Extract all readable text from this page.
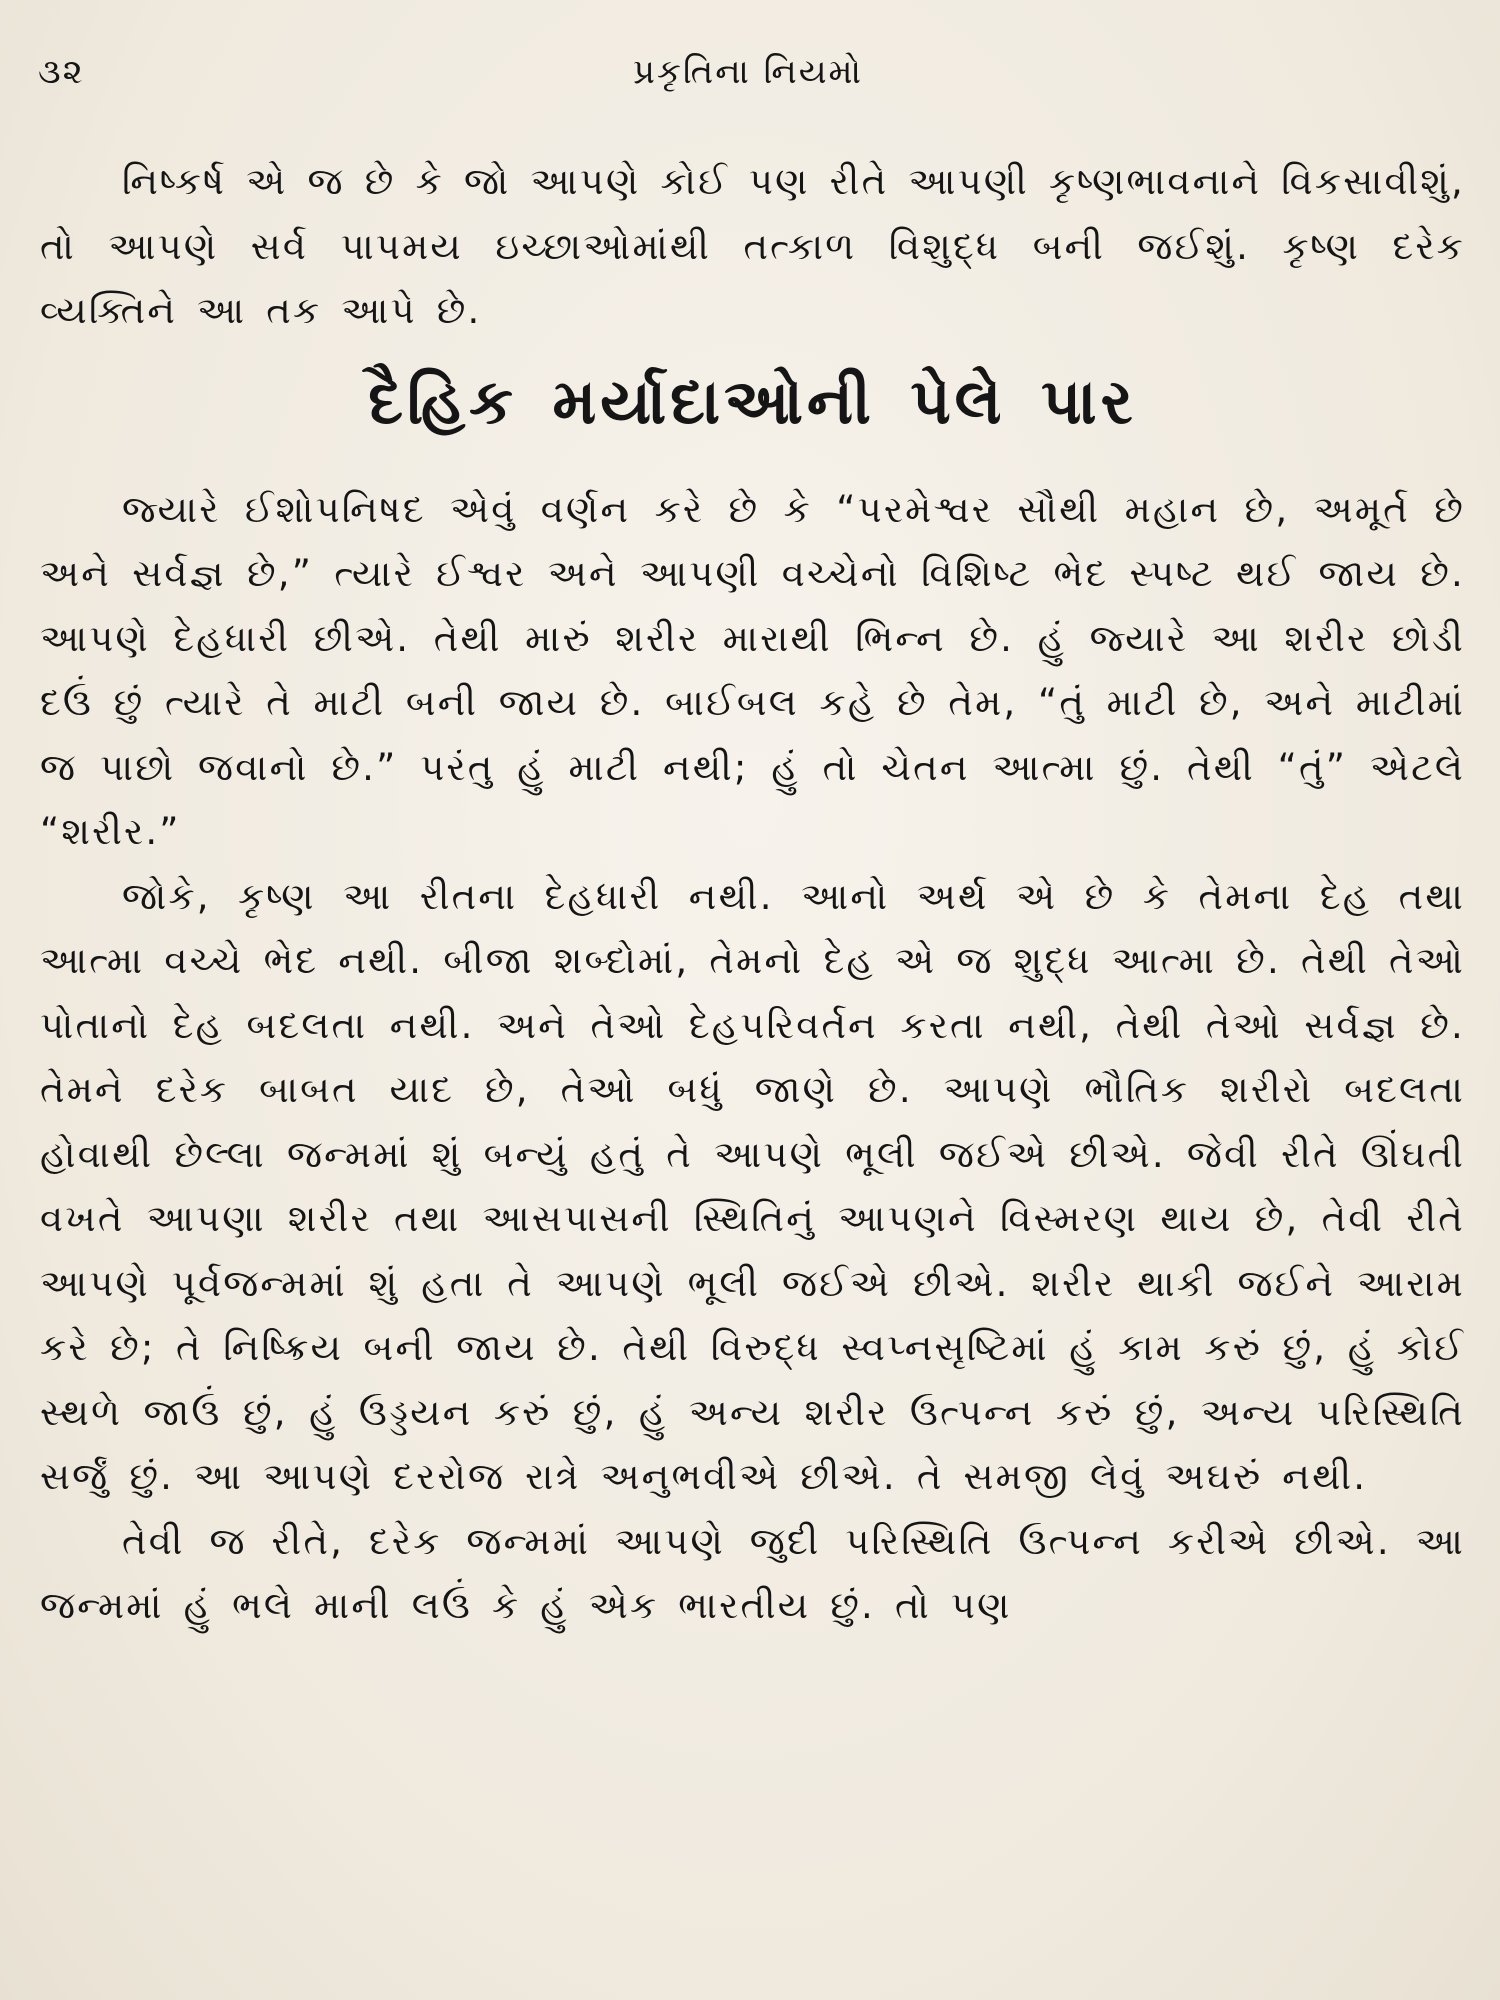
૩૨	પ્રકૃતિના નિયમો

નિષ્કર્ષ એ જ છે કે જો આપણે કોઈ પણ રીતે આપણી કૃષ્ણભાવનાને વિકસાવીશું, તો આપણે સર્વ પાપમય ઇચ્છાઓમાંથી તત્કાળ વિશુદ્ધ બની જઈશું. કૃષ્ણ દરેક વ્યક્તિને આ તક આપે છે.

દૈહિક મર્યાદાઓની પેલે પાર

જ્યારે ઈશોપનિષદ એવું વર્ણન કરે છે કે “પરમેશ્વર સૌથી મહાન છે, અમૂર્ત છે અને સર્વજ્ઞ છે,” ત્યારે ઈશ્વર અને આપણી વચ્ચેનો વિશિષ્ટ ભેદ સ્પષ્ટ થઈ જાય છે. આપણે દેહધારી છીએ. તેથી મારું શરીર મારાથી ભિન્ન છે. હું જ્યારે આ શરીર છોડી દઉં છું ત્યારે તે માટી બની જાય છે. બાઈબલ કહે છે તેમ, “તું માટી છે, અને માટીમાં જ પાછો જવાનો છે.” પરંતુ હું માટી નથી; હું તો ચેતન આત્મા છું. તેથી “તું” એટલે “શરીર.”

જોકે, કૃષ્ણ આ રીતના દેહધારી નથી. આનો અર્થ એ છે કે તેમના દેહ તથા આત્મા વચ્ચે ભેદ નથી. બીજા શબ્દોમાં, તેમનો દેહ એ જ શુદ્ધ આત્મા છે. તેથી તેઓ પોતાનો દેહ બદલતા નથી. અને તેઓ દેહપરિવર્તન કરતા નથી, તેથી તેઓ સર્વજ્ઞ છે. તેમને દરેક બાબત યાદ છે, તેઓ બધું જાણે છે. આપણે ભૌતિક શરીરો બદલતા હોવાથી છેલ્લા જન્મમાં શું બન્યું હતું તે આપણે ભૂલી જઈએ છીએ. જેવી રીતે ઊંઘતી વખતે આપણા શરીર તથા આસપાસની સ્થિતિનું આપણને વિસ્મરણ થાય છે, તેવી રીતે આપણે પૂર્વજન્મમાં શું હતા તે આપણે ભૂલી જઈએ છીએ. શરીર થાકી જઈને આરામ કરે છે; તે નિષ્ક્રિય બની જાય છે. તેથી વિરુદ્ધ સ્વપ્નસૃષ્ટિમાં હું કામ કરું છું, હું કોઈ સ્થળે જાઉં છું, હું ઉડ્ડયન કરું છું, હું અન્ય શરીર ઉત્પન્ન કરું છું, અન્ય પરિસ્થિતિ સર્જું છું. આ આપણે દરરોજ રાત્રે અનુભવીએ છીએ. તે સમજી લેવું અઘરું નથી.

તેવી જ રીતે, દરેક જન્મમાં આપણે જુદી પરિસ્થિતિ ઉત્પન્ન કરીએ છીએ. આ જન્મમાં હું ભલે માની લઉં કે હું એક ભારતીય છું. તો પણ
